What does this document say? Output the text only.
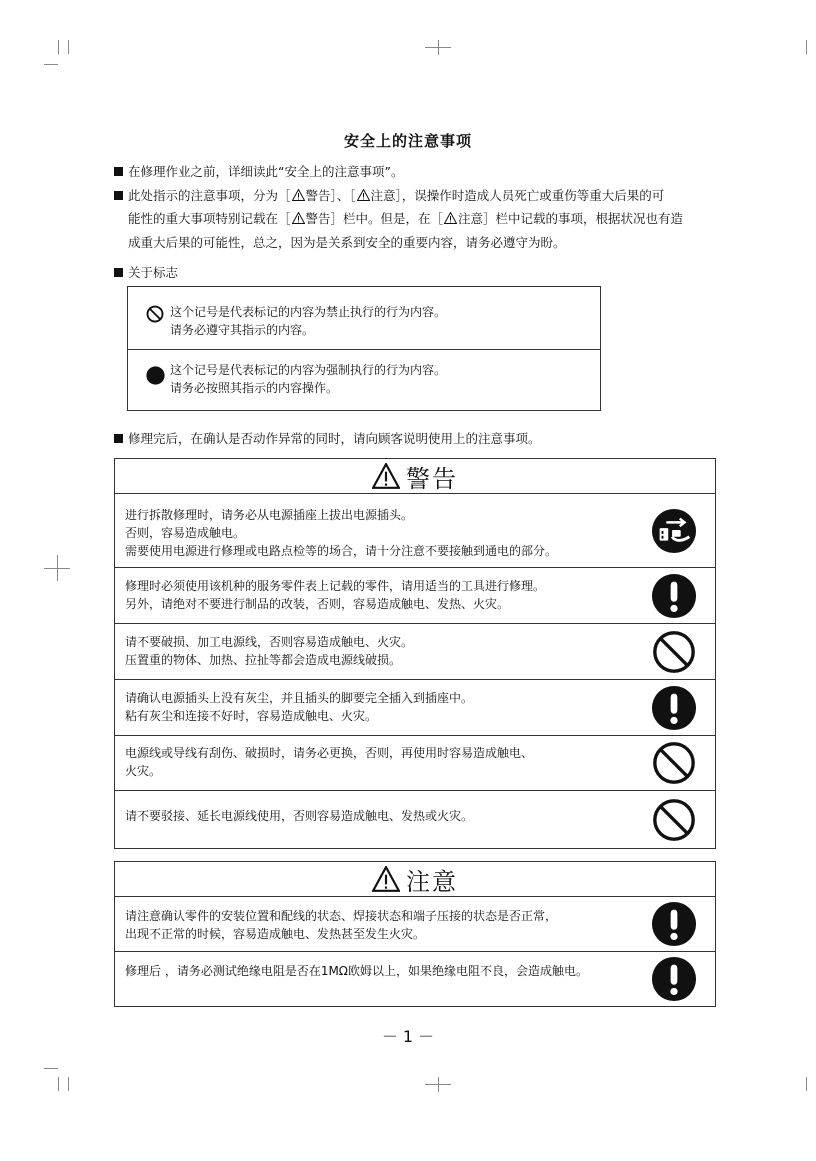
安全上的注意事项
在修理作业之前，详细读此“安全上的注意事项”。
此处指示的注意事项，分为［ 警告］、［ 注意］，误操作时造成人员死亡或重伤等重大后果的可
能性的重大事项特别记载在［ 警告］栏中。但是，在［ 注意］栏中记载的事项，根据状况也有造
成重大后果的可能性，总之，因为是关系到安全的重要内容，请务必遵守为盼。
关于标志
这个记号是代表标记的内容为禁止执行的行为内容。
请务必遵守其指示的内容。
这个记号是代表标记的内容为强制执行的行为内容。
请务必按照其指示的内容操作。
修理完后，在确认是否动作异常的同时，请向顾客说明使用上的注意事项。
警告
进行拆散修理时，请务必从电源插座上拔出电源插头。
否则，容易造成触电。
需要使用电源进行修理或电路点检等的场合，请十分注意不要接触到通电的部分。
修理时必须使用该机种的服务零件表上记载的零件，请用适当的工具进行修理。
另外，请绝对不要进行制品的改装，否则，容易造成触电、发热、火灾。
请不要破损、加工电源线，否则容易造成触电、火灾。
压置重的物体、加热、拉扯等都会造成电源线破损。
请确认电源插头上没有灰尘，并且插头的脚要完全插入到插座中。
粘有灰尘和连接不好时，容易造成触电、火灾。
电源线或导线有刮伤、破损时，请务必更换，否则，再使用时容易造成触电、
火灾。
请不要驳接、延长电源线使用，否则容易造成触电、发热或火灾。
注意
请注意确认零件的安装位置和配线的状态、焊接状态和端子压接的状态是否正常，
出现不正常的时候，容易造成触电、发热甚至发生火灾。
修理后 ，请务必测试绝缘电阻是否在1MΩ欧姆以上，如果绝缘电阻不良，会造成触电。
－ 1 －
